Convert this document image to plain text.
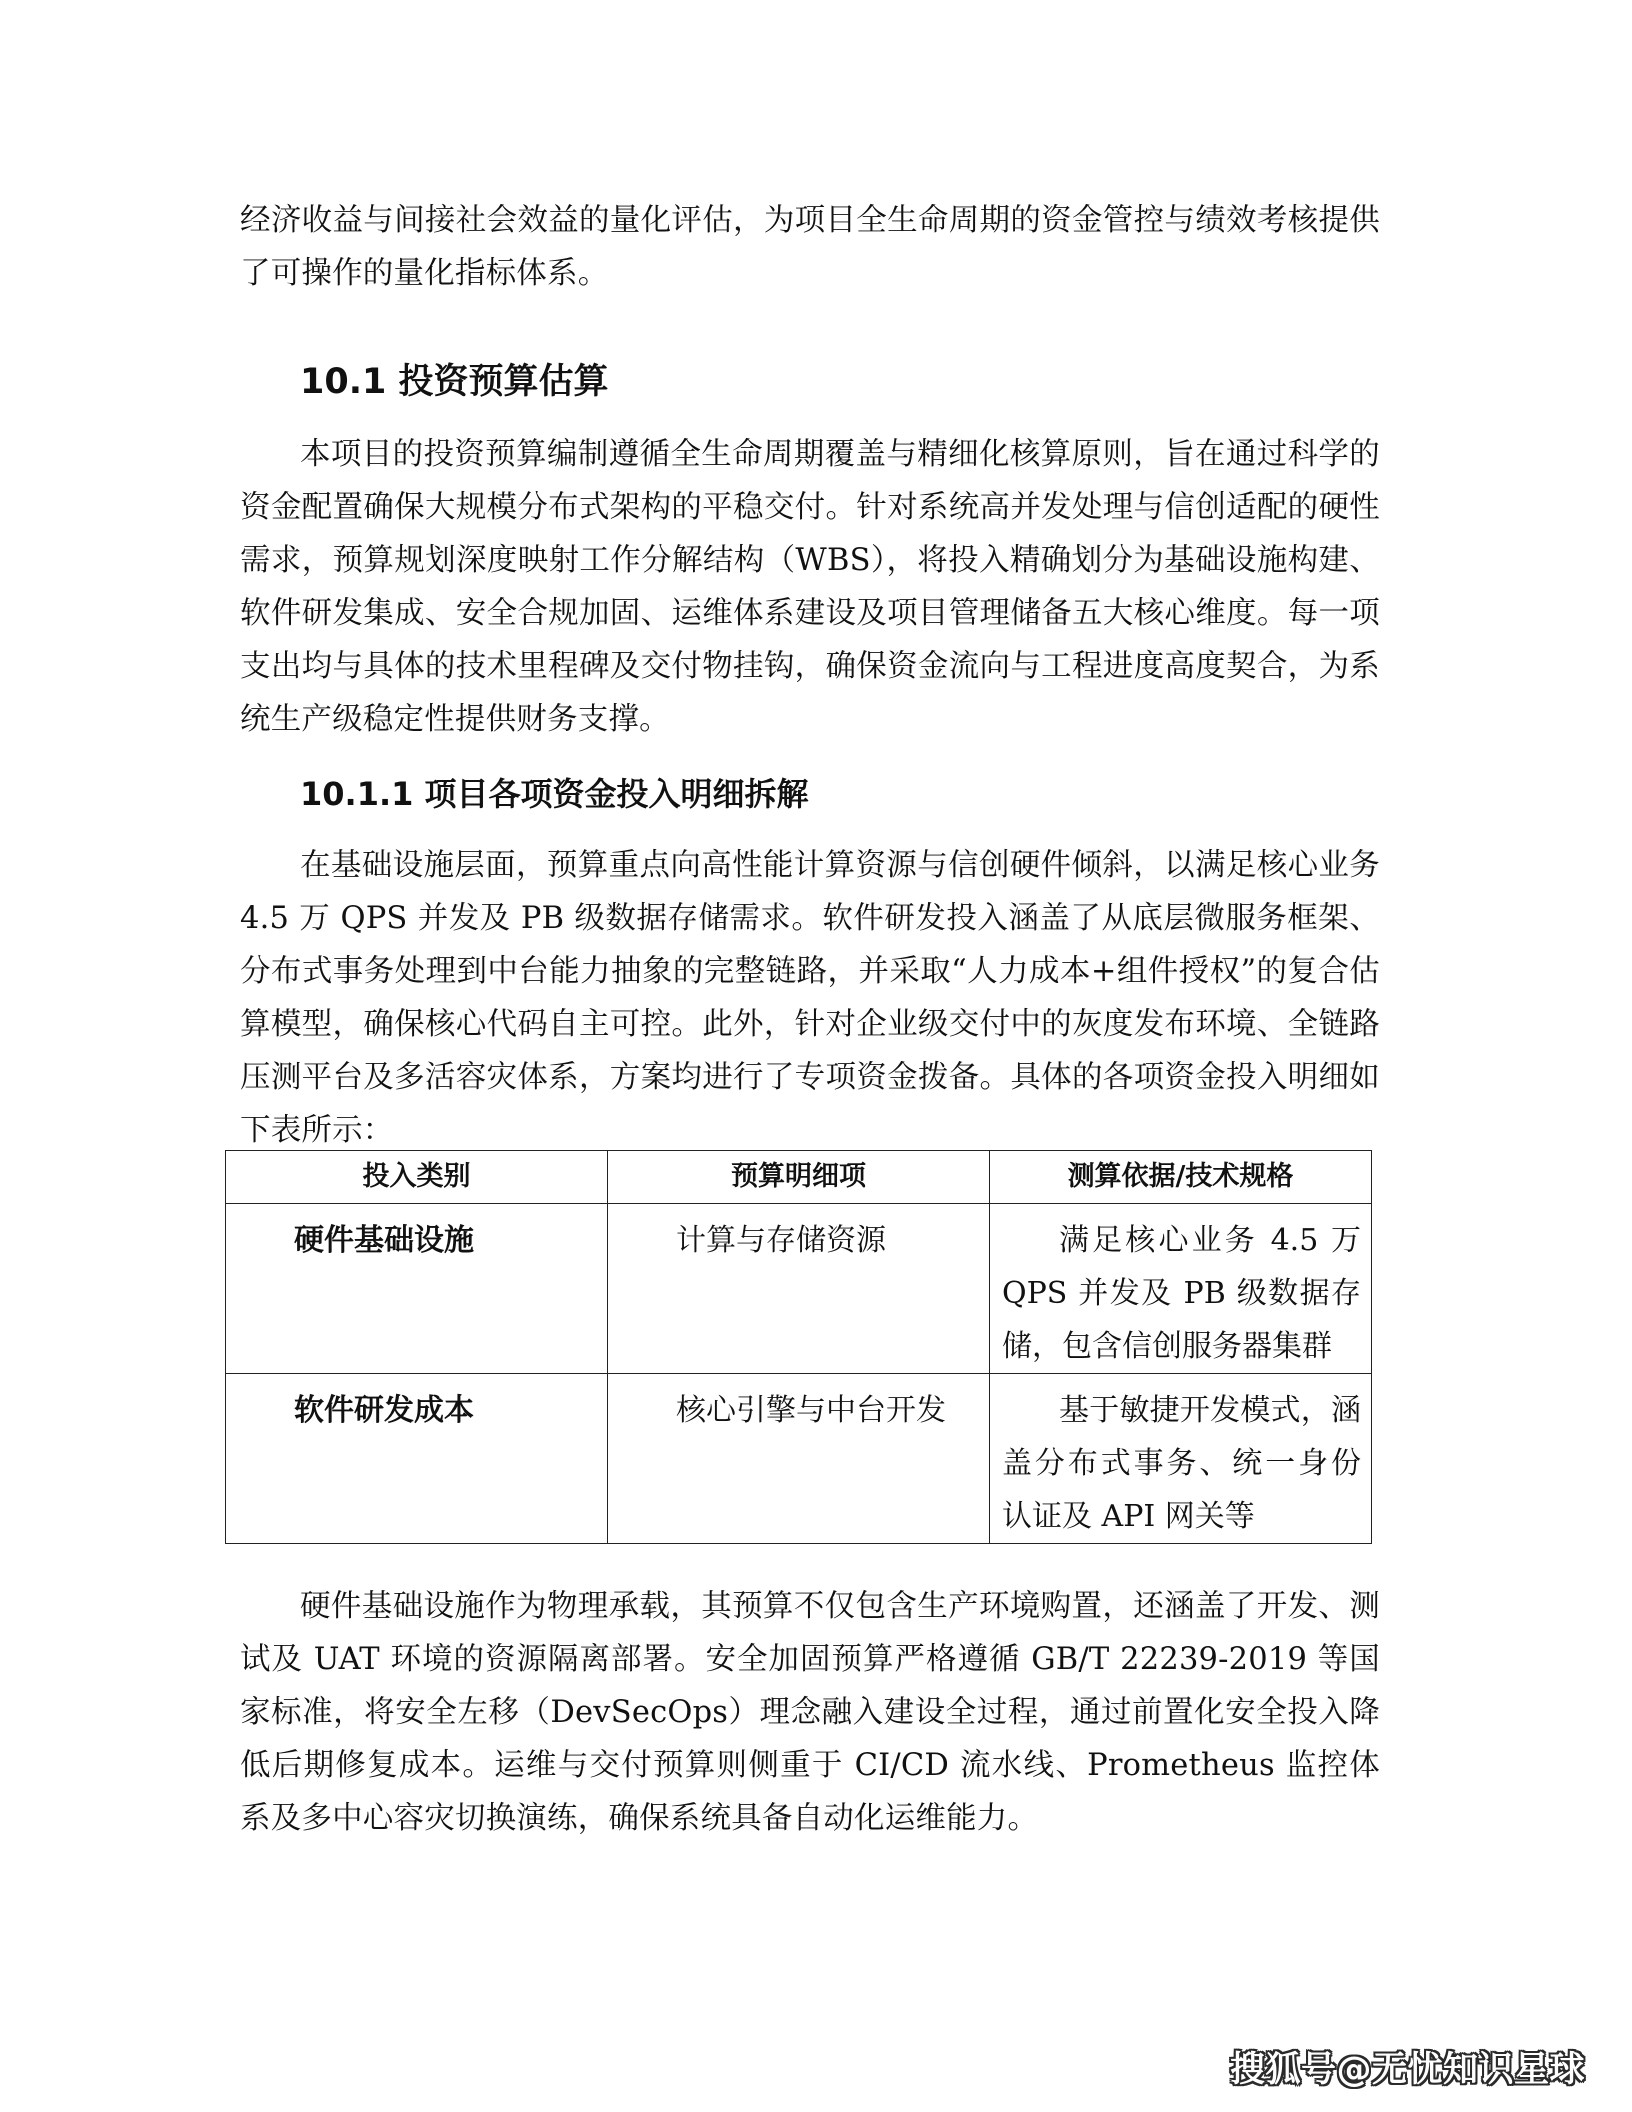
经济收益与间接社会效益的量化评估，为项目全生命周期的资金管控与绩效考核提供了可操作的量化指标体系。

10.1 投资预算估算

本项目的投资预算编制遵循全生命周期覆盖与精细化核算原则，旨在通过科学的资金配置确保大规模分布式架构的平稳交付。针对系统高并发处理与信创适配的硬性需求，预算规划深度映射工作分解结构（WBS），将投入精确划分为基础设施构建、软件研发集成、安全合规加固、运维体系建设及项目管理储备五大核心维度。每一项支出均与具体的技术里程碑及交付物挂钩，确保资金流向与工程进度高度契合，为系统生产级稳定性提供财务支撑。

10.1.1 项目各项资金投入明细拆解

在基础设施层面，预算重点向高性能计算资源与信创硬件倾斜，以满足核心业务 4.5 万 QPS 并发及 PB 级数据存储需求。软件研发投入涵盖了从底层微服务框架、分布式事务处理到中台能力抽象的完整链路，并采取“人力成本+组件授权”的复合估算模型，确保核心代码自主可控。此外，针对企业级交付中的灰度发布环境、全链路压测平台及多活容灾体系，方案均进行了专项资金拨备。具体的各项资金投入明细如下表所示：

投入类别	预算明细项	测算依据/技术规格
硬件基础设施	计算与存储资源	满足核心业务 4.5 万 QPS 并发及 PB 级数据存储，包含信创服务器集群
软件研发成本	核心引擎与中台开发	基于敏捷开发模式，涵盖分布式事务、统一身份认证及 API 网关等

硬件基础设施作为物理承载，其预算不仅包含生产环境购置，还涵盖了开发、测试及 UAT 环境的资源隔离部署。安全加固预算严格遵循 GB/T 22239-2019 等国家标准，将安全左移（DevSecOps）理念融入建设全过程，通过前置化安全投入降低后期修复成本。运维与交付预算则侧重于 CI/CD 流水线、Prometheus 监控体系及多中心容灾切换演练，确保系统具备自动化运维能力。

搜狐号@无忧知识星球
